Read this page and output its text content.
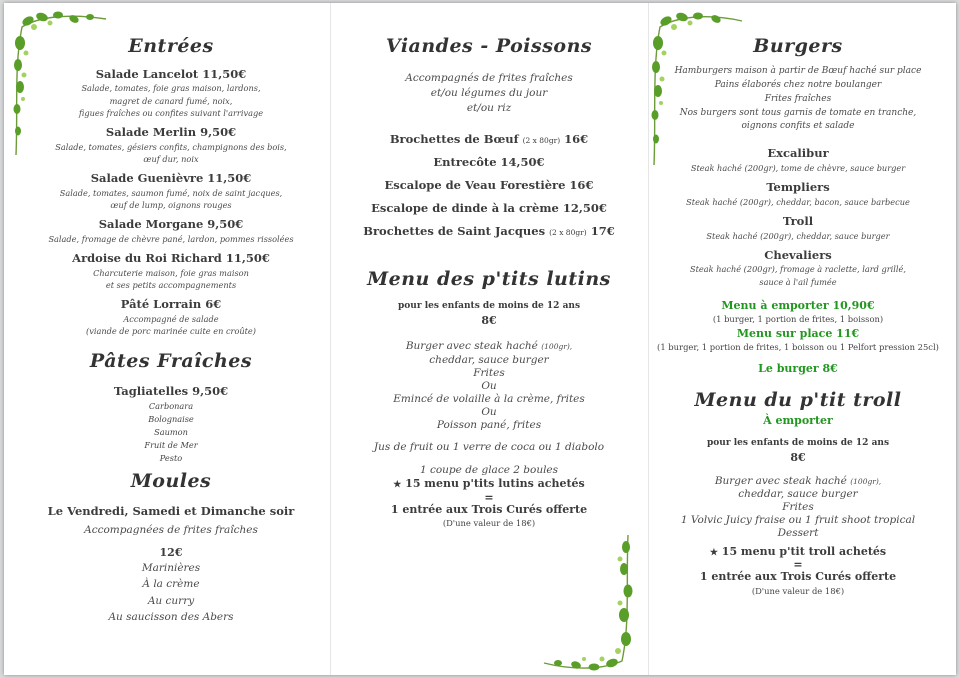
Entrées
Salade Lancelot 11,50€
Salade, tomates, foie gras maison, lardons,
magret de canard fumé, noix,
figues fraîches ou confites suivant l'arrivage
Salade Merlin 9,50€
Salade, tomates, gésiers confits, champignons des bois,
œuf dur, noix
Salade Guenièvre 11,50€
Salade, tomates, saumon fumé, noix de saint jacques,
œuf de lump, oignons rouges
Salade Morgane 9,50€
Salade, fromage de chèvre pané, lardon, pommes rissolées
Ardoise du Roi Richard 11,50€
Charcuterie maison, foie gras maison
et ses petits accompagnements
Pâté Lorrain 6€
Accompagné de salade
(viande de porc marinée cuite en croûte)
Pâtes Fraîches
Tagliatelles 9,50€
Carbonara
Bolognaise
Saumon
Fruit de Mer
Pesto
Moules
Le Vendredi, Samedi et Dimanche soir
Accompagnées de frites fraîches
12€
Marinières
À la crème
Au curry
Au saucisson des Abers
Viandes - Poissons
Accompagnés de frites fraîches
et/ou légumes du jour
et/ou riz
Brochettes de Bœuf (2 x 80gr) 16€
Entrecôte 14,50€
Escalope de Veau Forestière 16€
Escalope de dinde à la crème 12,50€
Brochettes de Saint Jacques (2 x 80gr) 17€
Menu des p'tits lutins
pour les enfants de moins de 12 ans
8€
Burger avec steak haché (100gr),
cheddar, sauce burger
Frites
Ou
Emincé de volaille à la crème, frites
Ou
Poisson pané, frites
Jus de fruit ou 1 verre de coca ou 1 diabolo
1 coupe de glace 2 boules
★ 15 menu p'tits lutins achetés
=
1 entrée aux Trois Curés offerte
(D'une valeur de 18€)
Burgers
Hamburgers maison à partir de Bœuf haché sur place
Pains élaborés chez notre boulanger
Frites fraîches
Nos burgers sont tous garnis de tomate en tranche,
oignons confits et salade
Excalibur
Steak haché (200gr), tome de chèvre, sauce burger
Templiers
Steak haché (200gr), cheddar, bacon, sauce barbecue
Troll
Steak haché (200gr), cheddar, sauce burger
Chevaliers
Steak haché (200gr), fromage à raclette, lard grillé,
sauce à l'ail fumée
Menu à emporter 10,90€
(1 burger, 1 portion de frites, 1 boisson)
Menu sur place 11€
(1 burger, 1 portion de frites, 1 boisson ou 1 Pelfort pression 25cl)
Le burger 8€
Menu du p'tit troll
À emporter
pour les enfants de moins de 12 ans
8€
Burger avec steak haché (100gr),
cheddar, sauce burger
Frites
1 Volvic Juicy fraise ou 1 fruit shoot tropical
Dessert
★ 15 menu p'tit troll achetés
=
1 entrée aux Trois Curés offerte
(D'une valeur de 18€)
